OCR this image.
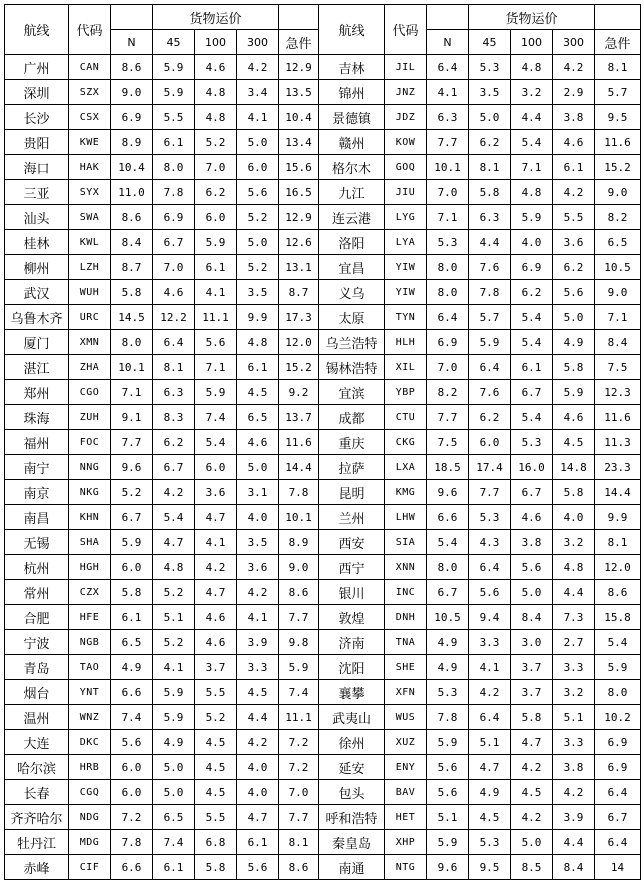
航线	代码		货物运价				航线	代码		货物运价			
		N	45	100	300	急件			N	45	100	300	急件
广州	CAN	8.6	5.9	4.6	4.2	12.9	吉林	JIL	6.4	5.3	4.8	4.2	8.1
深圳	SZX	9.0	5.9	4.8	3.4	13.5	锦州	JNZ	4.1	3.5	3.2	2.9	5.7
长沙	CSX	6.9	5.5	4.8	4.1	10.4	景德镇	JDZ	6.3	5.0	4.4	3.8	9.5
贵阳	KWE	8.9	6.1	5.2	5.0	13.4	赣州	KOW	7.7	6.2	5.4	4.6	11.6
海口	HAK	10.4	8.0	7.0	6.0	15.6	格尔木	GOQ	10.1	8.1	7.1	6.1	15.2
三亚	SYX	11.0	7.8	6.2	5.6	16.5	九江	JIU	7.0	5.8	4.8	4.2	9.0
汕头	SWA	8.6	6.9	6.0	5.2	12.9	连云港	LYG	7.1	6.3	5.9	5.5	8.2
桂林	KWL	8.4	6.7	5.9	5.0	12.6	洛阳	LYA	5.3	4.4	4.0	3.6	6.5
柳州	LZH	8.7	7.0	6.1	5.2	13.1	宜昌	YIW	8.0	7.6	6.9	6.2	10.5
武汉	WUH	5.8	4.6	4.1	3.5	8.7	义乌	YIW	8.0	7.8	6.2	5.6	9.0
乌鲁木齐	URC	14.5	12.2	11.1	9.9	17.3	太原	TYN	6.4	5.7	5.4	5.0	7.1
厦门	XMN	8.0	6.4	5.6	4.8	12.0	乌兰浩特	HLH	6.9	5.9	5.4	4.9	8.4
湛江	ZHA	10.1	8.1	7.1	6.1	15.2	锡林浩特	XIL	7.0	6.4	6.1	5.8	7.5
郑州	CGO	7.1	6.3	5.9	4.5	9.2	宜滨	YBP	8.2	7.6	6.7	5.9	12.3
珠海	ZUH	9.1	8.3	7.4	6.5	13.7	成都	CTU	7.7	6.2	5.4	4.6	11.6
福州	FOC	7.7	6.2	5.4	4.6	11.6	重庆	CKG	7.5	6.0	5.3	4.5	11.3
南宁	NNG	9.6	6.7	6.0	5.0	14.4	拉萨	LXA	18.5	17.4	16.0	14.8	23.3
南京	NKG	5.2	4.2	3.6	3.1	7.8	昆明	KMG	9.6	7.7	6.7	5.8	14.4
南昌	KHN	6.7	5.4	4.7	4.0	10.1	兰州	LHW	6.6	5.3	4.6	4.0	9.9
无锡	SHA	5.9	4.7	4.1	3.5	8.9	西安	SIA	5.4	4.3	3.8	3.2	8.1
杭州	HGH	6.0	4.8	4.2	3.6	9.0	西宁	XNN	8.0	6.4	5.6	4.8	12.0
常州	CZX	5.8	5.2	4.7	4.2	8.6	银川	INC	6.7	5.6	5.0	4.4	8.6
合肥	HFE	6.1	5.1	4.6	4.1	7.7	敦煌	DNH	10.5	9.4	8.4	7.3	15.8
宁波	NGB	6.5	5.2	4.6	3.9	9.8	济南	TNA	4.9	3.3	3.0	2.7	5.4
青岛	TAO	4.9	4.1	3.7	3.3	5.9	沈阳	SHE	4.9	4.1	3.7	3.3	5.9
烟台	YNT	6.6	5.9	5.5	4.5	7.4	襄攀	XFN	5.3	4.2	3.7	3.2	8.0
温州	WNZ	7.4	5.9	5.2	4.4	11.1	武夷山	WUS	7.8	6.4	5.8	5.1	10.2
大连	DKC	5.6	4.9	4.5	4.2	7.2	徐州	XUZ	5.9	5.1	4.7	3.3	6.9
哈尔滨	HRB	6.0	5.0	4.5	4.0	7.2	延安	ENY	5.6	4.7	4.2	3.8	6.9
长春	CGQ	6.0	5.0	4.5	4.0	7.0	包头	BAV	5.6	4.9	4.5	4.2	6.4
齐齐哈尔	NDG	7.2	6.5	5.5	4.7	7.7	呼和浩特	HET	5.1	4.5	4.2	3.9	6.7
牡丹江	MDG	7.8	7.4	6.8	6.1	8.1	秦皇岛	XHP	5.9	5.3	5.0	4.4	6.4
赤峰	CIF	6.6	6.1	5.8	5.6	8.6	南通	NTG	9.6	9.5	8.5	8.4	14
